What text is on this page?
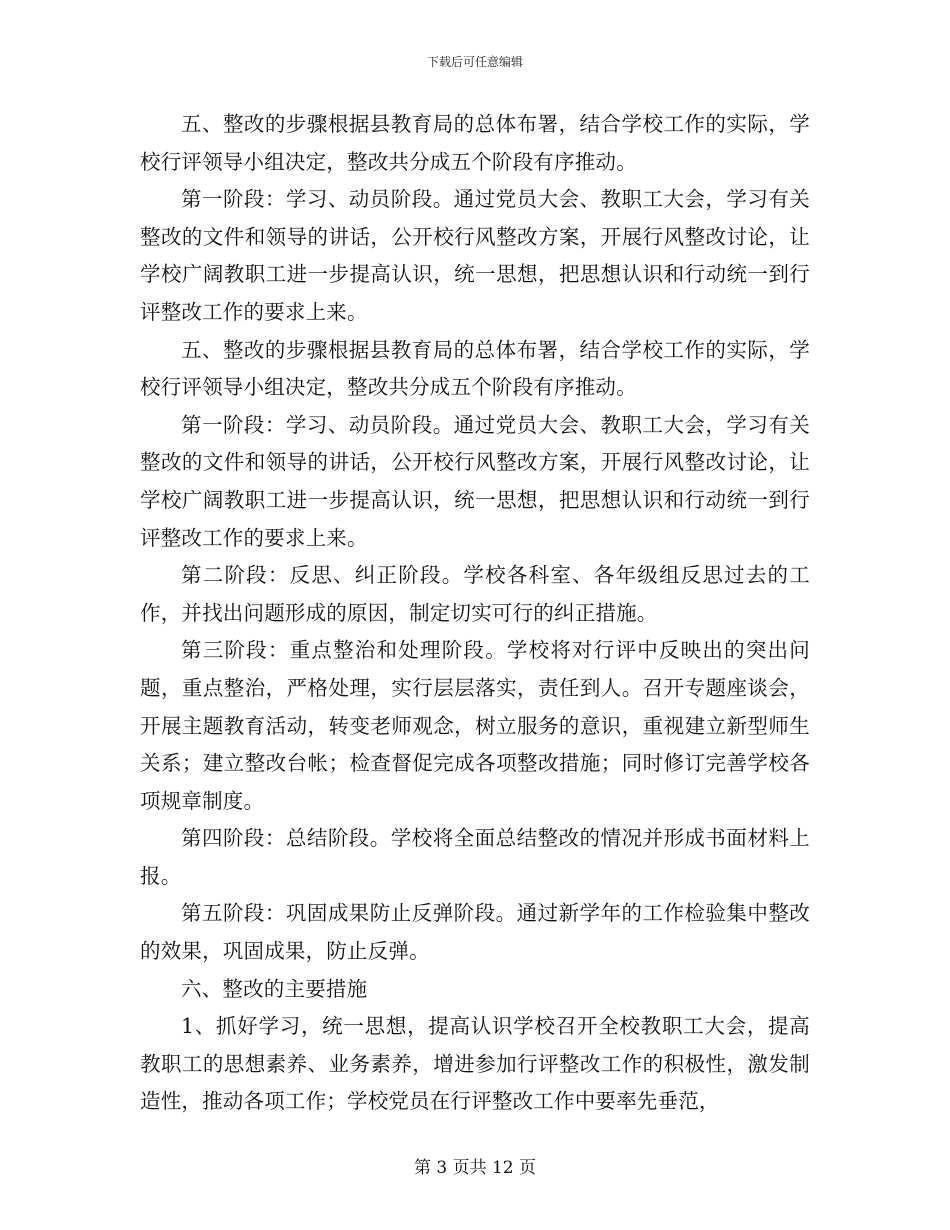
下载后可任意编辑

五、整改的步骤根据县教育局的总体布署，结合学校工作的实际，学校行评领导小组决定，整改共分成五个阶段有序推动。

第一阶段：学习、动员阶段。通过党员大会、教职工大会，学习有关整改的文件和领导的讲话，公开校行风整改方案，开展行风整改讨论，让学校广阔教职工进一步提高认识，统一思想，把思想认识和行动统一到行评整改工作的要求上来。

五、整改的步骤根据县教育局的总体布署，结合学校工作的实际，学校行评领导小组决定，整改共分成五个阶段有序推动。

第一阶段：学习、动员阶段。通过党员大会、教职工大会，学习有关整改的文件和领导的讲话，公开校行风整改方案，开展行风整改讨论，让学校广阔教职工进一步提高认识，统一思想，把思想认识和行动统一到行评整改工作的要求上来。

第二阶段：反思、纠正阶段。学校各科室、各年级组反思过去的工作，并找出问题形成的原因，制定切实可行的纠正措施。

第三阶段：重点整治和处理阶段。学校将对行评中反映出的突出问题，重点整治，严格处理，实行层层落实，责任到人。召开专题座谈会，开展主题教育活动，转变老师观念，树立服务的意识，重视建立新型师生关系；建立整改台帐；检查督促完成各项整改措施；同时修订完善学校各项规章制度。

第四阶段：总结阶段。学校将全面总结整改的情况并形成书面材料上报。

第五阶段：巩固成果防止反弹阶段。通过新学年的工作检验集中整改的效果，巩固成果，防止反弹。

六、整改的主要措施

1、抓好学习，统一思想，提高认识学校召开全校教职工大会，提高教职工的思想素养、业务素养，增进参加行评整改工作的积极性，激发制造性，推动各项工作；学校党员在行评整改工作中要率先垂范，

第 3 页共 12 页
